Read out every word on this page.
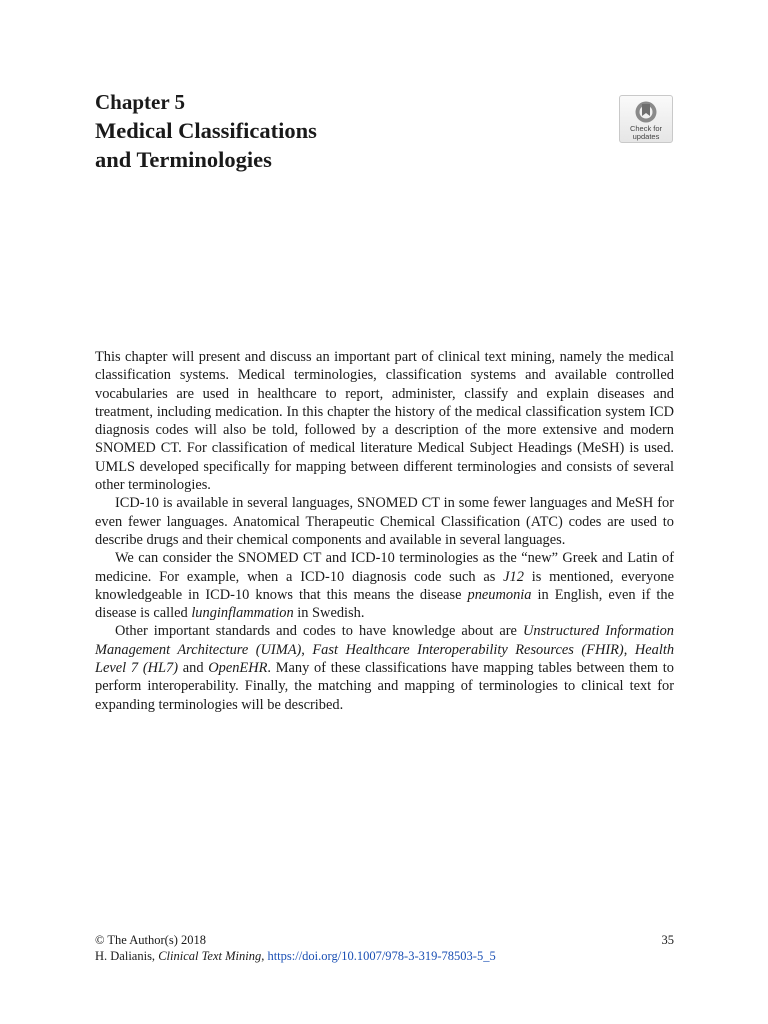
Chapter 5
Medical Classifications
and Terminologies
Check for
updates

This chapter will present and discuss an important part of clinical text mining, namely the medical classification systems. Medical terminologies, classification systems and available controlled vocabularies are used in healthcare to report, administer, classify and explain diseases and treatment, including medication. In this chapter the history of the medical classification system ICD diagnosis codes will also be told, followed by a description of the more extensive and modern SNOMED CT. For classification of medical literature Medical Subject Headings (MeSH) is used. UMLS developed specifically for mapping between different terminologies and consists of several other terminologies.

ICD-10 is available in several languages, SNOMED CT in some fewer languages and MeSH for even fewer languages. Anatomical Therapeutic Chemical Classification (ATC) codes are used to describe drugs and their chemical components and available in several languages.

We can consider the SNOMED CT and ICD-10 terminologies as the “new” Greek and Latin of medicine. For example, when a ICD-10 diagnosis code such as J12 is mentioned, everyone knowledgeable in ICD-10 knows that this means the disease pneumonia in English, even if the disease is called lunginflammation in Swedish.

Other important standards and codes to have knowledge about are Unstructured Information Management Architecture (UIMA), Fast Healthcare Interoperability Resources (FHIR), Health Level 7 (HL7) and OpenEHR. Many of these classifications have mapping tables between them to perform interoperability. Finally, the matching and mapping of terminologies to clinical text for expanding terminologies will be described.

© The Author(s) 2018
H. Dalianis, Clinical Text Mining, https://doi.org/10.1007/978-3-319-78503-5_5
35
